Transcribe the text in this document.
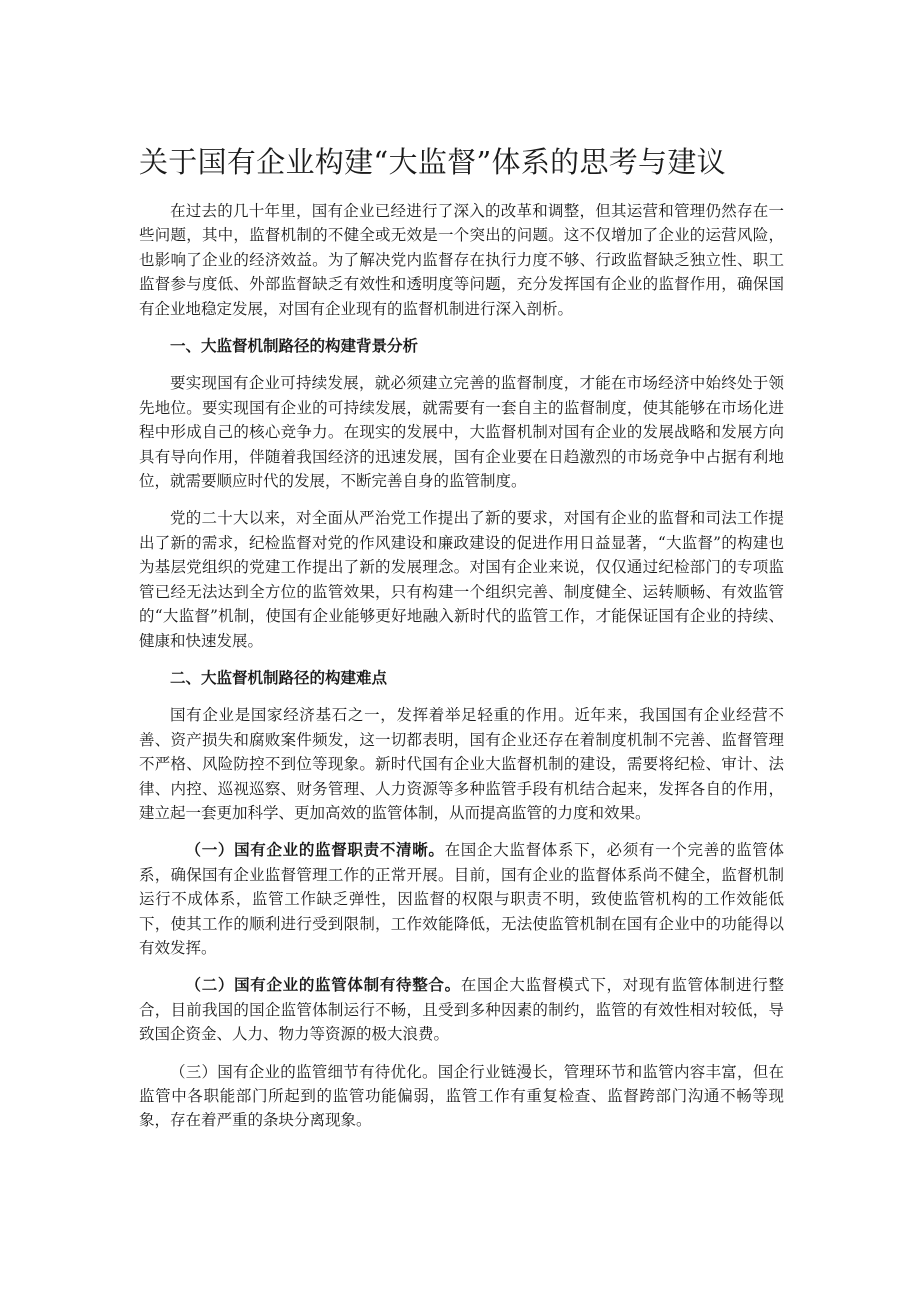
关于国有企业构建“大监督”体系的思考与建议

在过去的几十年里，国有企业已经进行了深入的改革和调整，但其运营和管理仍然存在一些问题，其中，监督机制的不健全或无效是一个突出的问题。这不仅增加了企业的运营风险，也影响了企业的经济效益。为了解决党内监督存在执行力度不够、行政监督缺乏独立性、职工监督参与度低、外部监督缺乏有效性和透明度等问题，充分发挥国有企业的监督作用，确保国有企业地稳定发展，对国有企业现有的监督机制进行深入剖析。

一、大监督机制路径的构建背景分析

要实现国有企业可持续发展，就必须建立完善的监督制度，才能在市场经济中始终处于领先地位。要实现国有企业的可持续发展，就需要有一套自主的监督制度，使其能够在市场化进程中形成自己的核心竞争力。在现实的发展中，大监督机制对国有企业的发展战略和发展方向具有导向作用，伴随着我国经济的迅速发展，国有企业要在日趋激烈的市场竞争中占据有利地位，就需要顺应时代的发展，不断完善自身的监管制度。

党的二十大以来，对全面从严治党工作提出了新的要求，对国有企业的监督和司法工作提出了新的需求，纪检监督对党的作风建设和廉政建设的促进作用日益显著，“大监督”的构建也为基层党组织的党建工作提出了新的发展理念。对国有企业来说，仅仅通过纪检部门的专项监管已经无法达到全方位的监管效果，只有构建一个组织完善、制度健全、运转顺畅、有效监管的“大监督”机制，使国有企业能够更好地融入新时代的监管工作，才能保证国有企业的持续、健康和快速发展。

二、大监督机制路径的构建难点

国有企业是国家经济基石之一，发挥着举足轻重的作用。近年来，我国国有企业经营不善、资产损失和腐败案件频发，这一切都表明，国有企业还存在着制度机制不完善、监督管理不严格、风险防控不到位等现象。新时代国有企业大监督机制的建设，需要将纪检、审计、法律、内控、巡视巡察、财务管理、人力资源等多种监管手段有机结合起来，发挥各自的作用，建立起一套更加科学、更加高效的监管体制，从而提高监管的力度和效果。

（一）国有企业的监督职责不清晰。在国企大监督体系下，必须有一个完善的监管体系，确保国有企业监督管理工作的正常开展。目前，国有企业的监督体系尚不健全，监督机制运行不成体系，监管工作缺乏弹性，因监督的权限与职责不明，致使监管机构的工作效能低下，使其工作的顺利进行受到限制，工作效能降低，无法使监管机制在国有企业中的功能得以有效发挥。

（二）国有企业的监管体制有待整合。在国企大监督模式下，对现有监管体制进行整合，目前我国的国企监管体制运行不畅，且受到多种因素的制约，监管的有效性相对较低，导致国企资金、人力、物力等资源的极大浪费。

（三）国有企业的监管细节有待优化。国企行业链漫长，管理环节和监管内容丰富，但在监管中各职能部门所起到的监管功能偏弱，监管工作有重复检查、监督跨部门沟通不畅等现象，存在着严重的条块分离现象。
